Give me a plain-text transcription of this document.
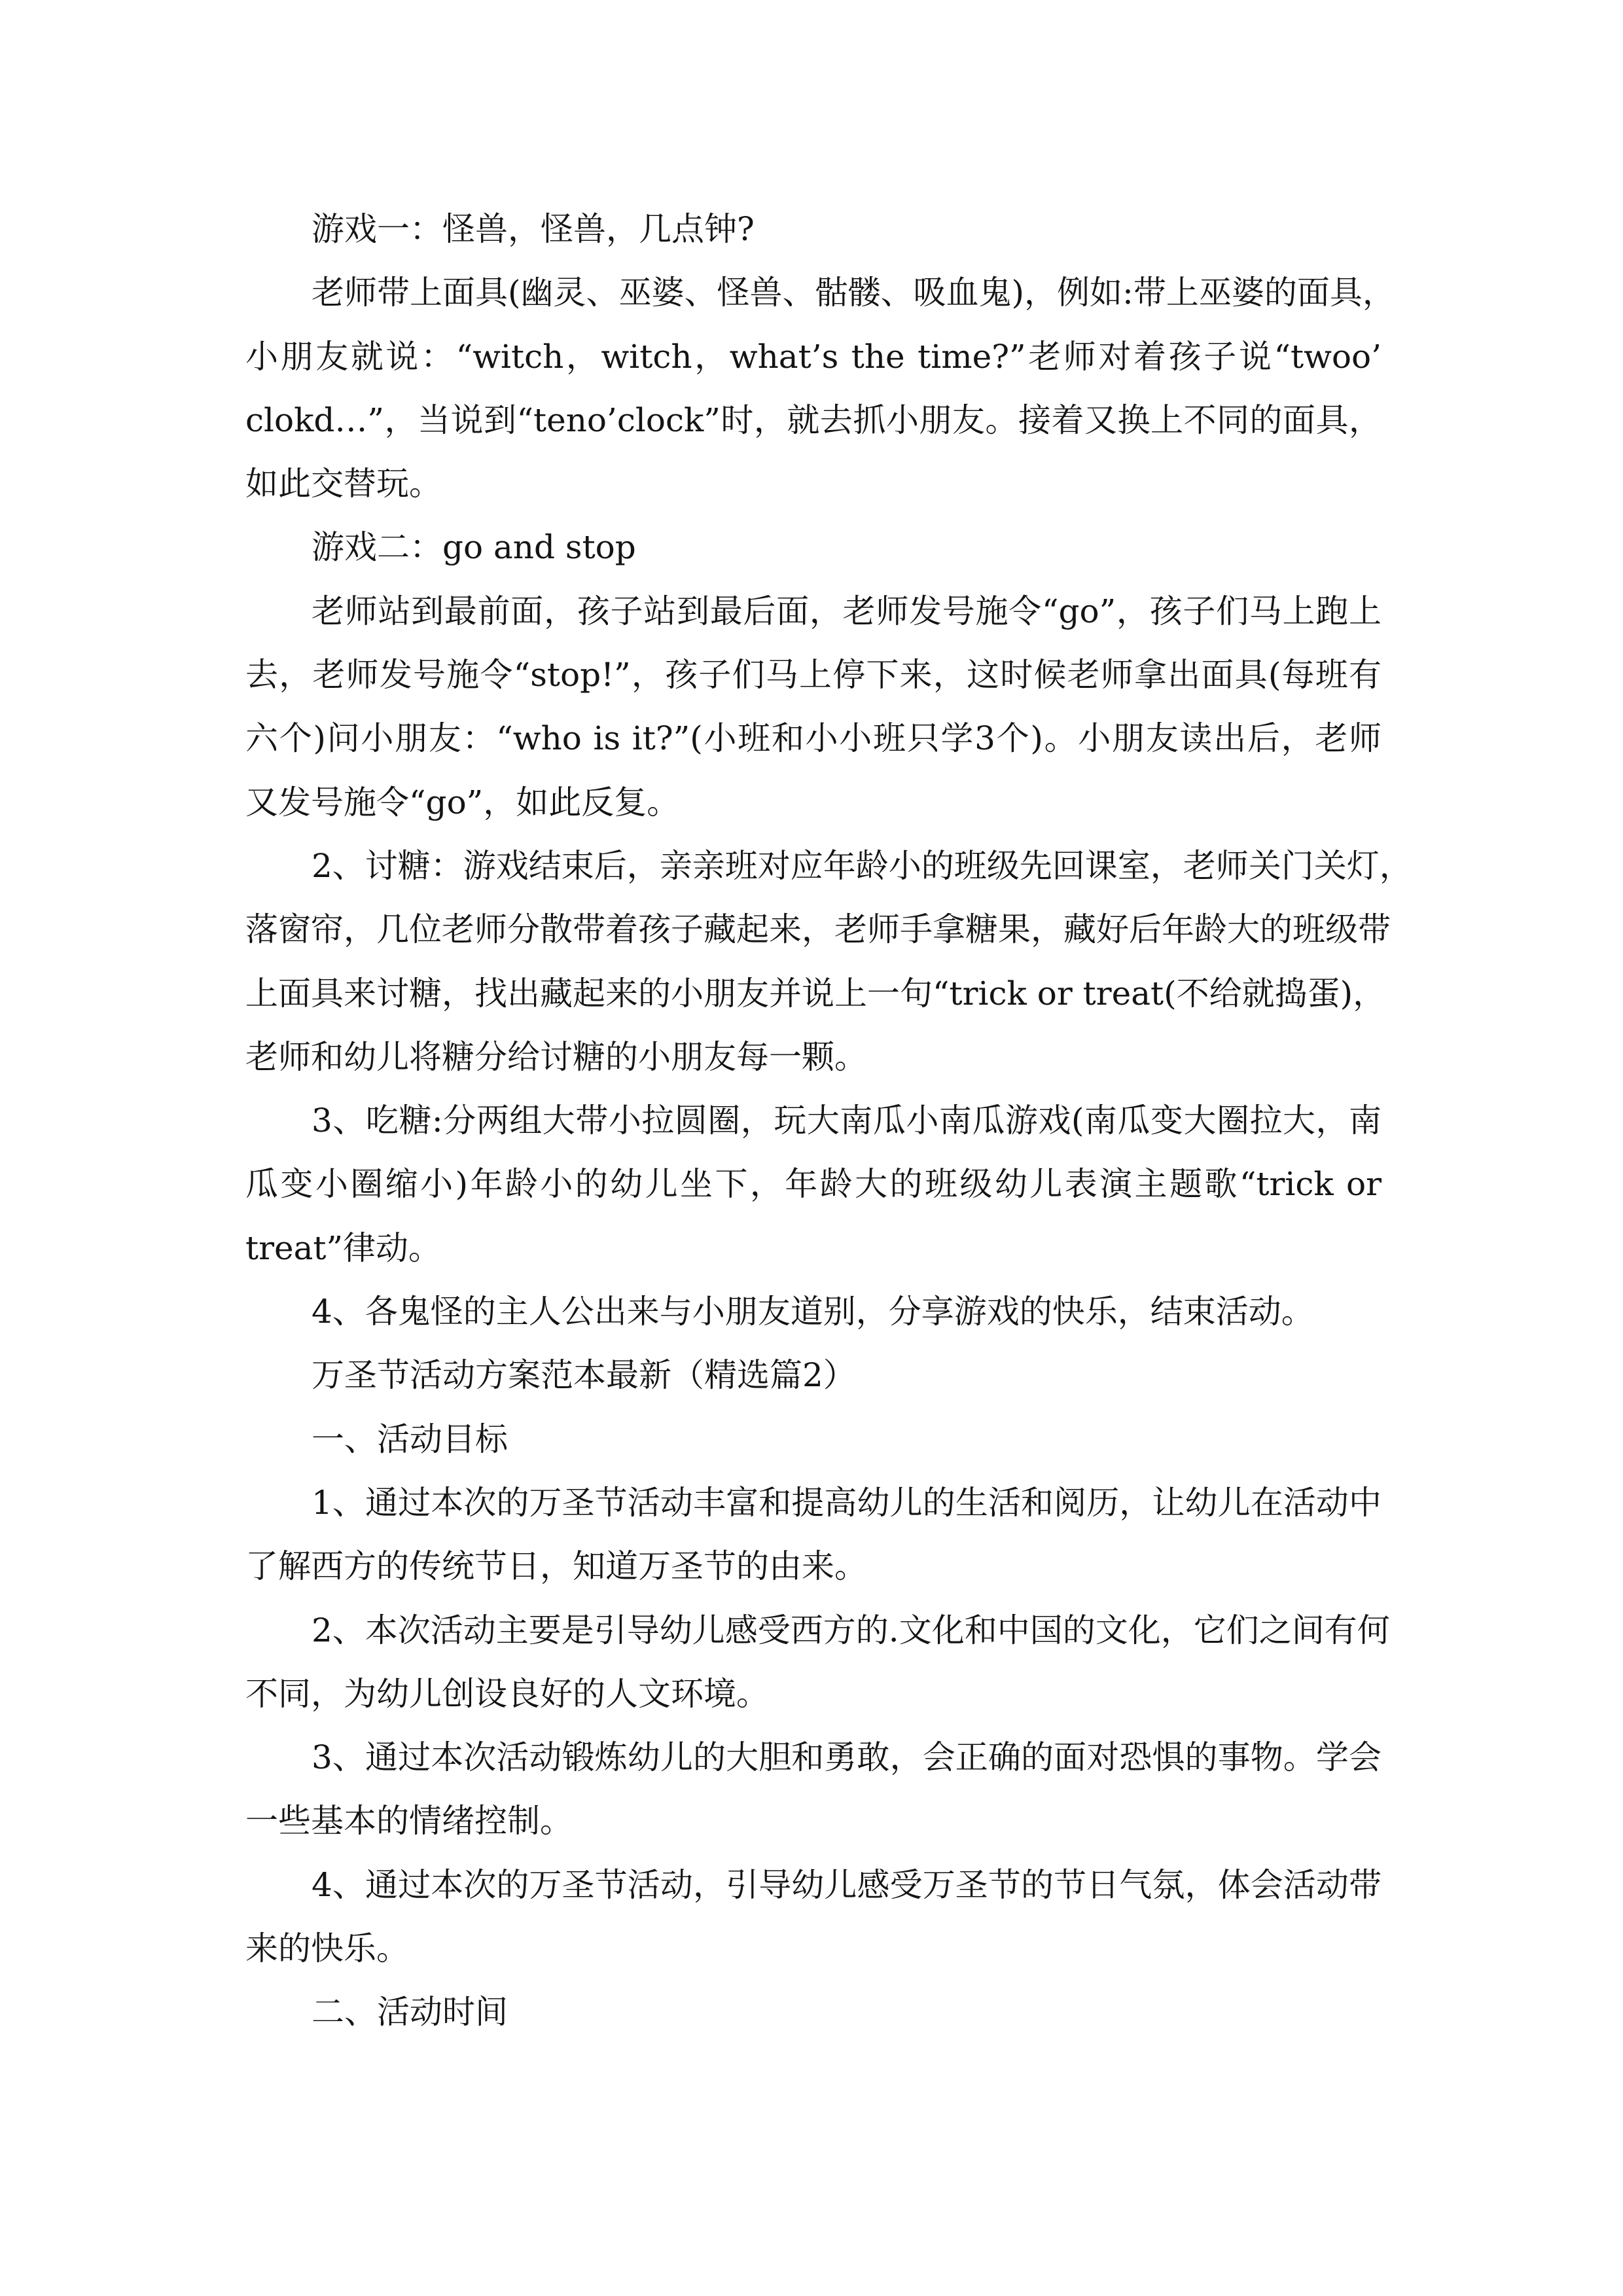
游戏一：怪兽，怪兽，几点钟?
老师带上面具(幽灵、巫婆、怪兽、骷髅、吸血鬼)，例如:带上巫婆的面具，
小朋友就说：“witch，witch，what’s the time?”老师对着孩子说“twoo’
clokd…”，当说到“teno’clock”时，就去抓小朋友。接着又换上不同的面具，
如此交替玩。
游戏二：go and stop
老师站到最前面，孩子站到最后面，老师发号施令“go”，孩子们马上跑上
去，老师发号施令“stop!”，孩子们马上停下来，这时候老师拿出面具(每班有
六个)问小朋友：“who is it?”(小班和小小班只学3个)。小朋友读出后，老师
又发号施令“go”，如此反复。
2、讨糖：游戏结束后，亲亲班对应年龄小的班级先回课室，老师关门关灯，
落窗帘，几位老师分散带着孩子藏起来，老师手拿糖果，藏好后年龄大的班级带
上面具来讨糖，找出藏起来的小朋友并说上一句“trick or treat(不给就捣蛋)，
老师和幼儿将糖分给讨糖的小朋友每一颗。
3、吃糖:分两组大带小拉圆圈，玩大南瓜小南瓜游戏(南瓜变大圈拉大，南
瓜变小圈缩小)年龄小的幼儿坐下，年龄大的班级幼儿表演主题歌“trick or
treat”律动。
4、各鬼怪的主人公出来与小朋友道别，分享游戏的快乐，结束活动。
万圣节活动方案范本最新（精选篇2）
一、活动目标
1、通过本次的万圣节活动丰富和提高幼儿的生活和阅历，让幼儿在活动中
了解西方的传统节日，知道万圣节的由来。
2、本次活动主要是引导幼儿感受西方的.文化和中国的文化，它们之间有何
不同，为幼儿创设良好的人文环境。
3、通过本次活动锻炼幼儿的大胆和勇敢，会正确的面对恐惧的事物。学会
一些基本的情绪控制。
4、通过本次的万圣节活动，引导幼儿感受万圣节的节日气氛，体会活动带
来的快乐。
二、活动时间
